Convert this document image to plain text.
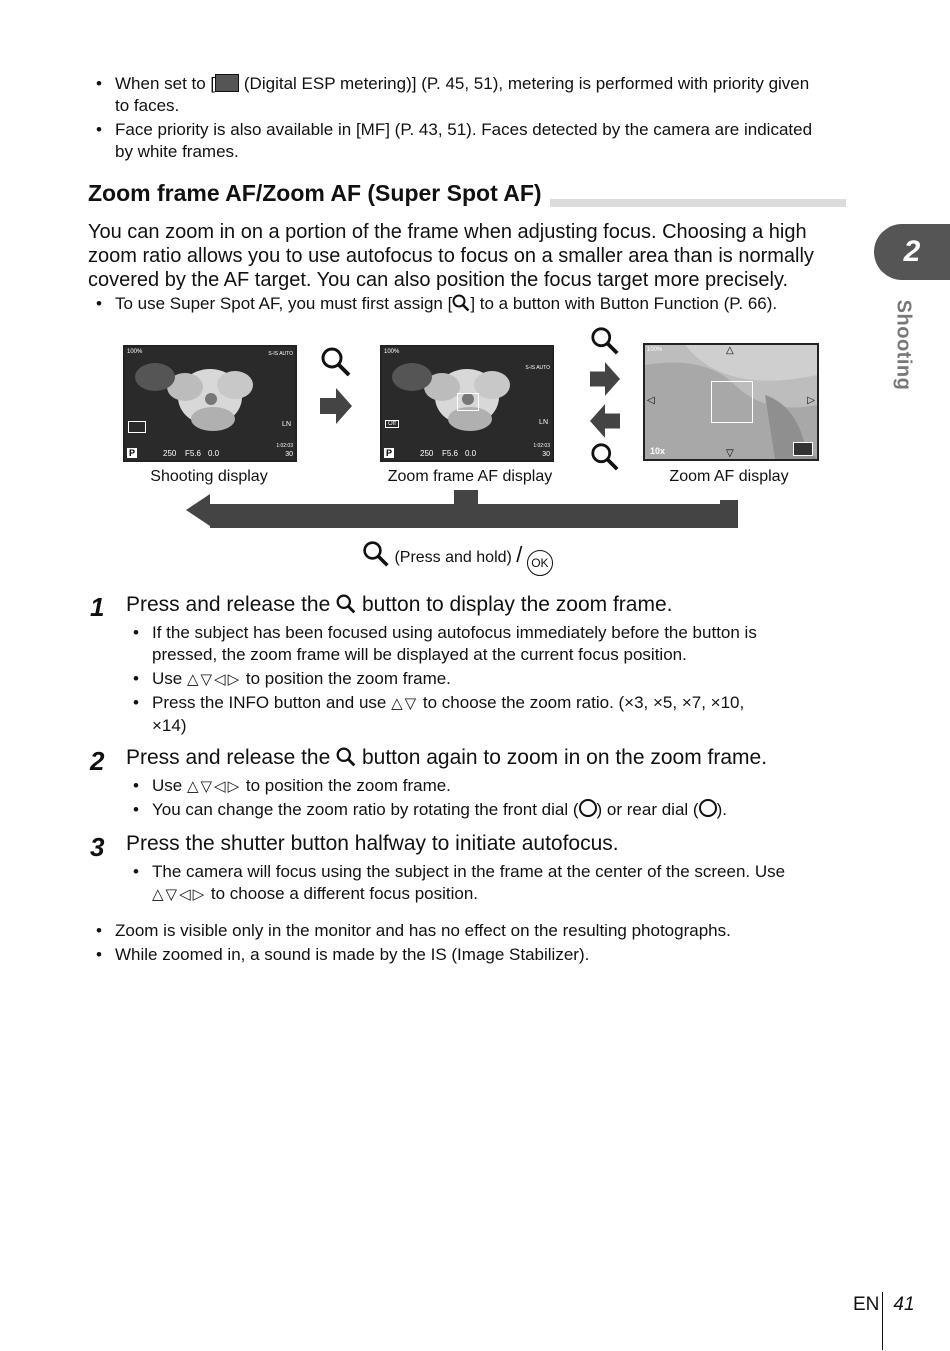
• When set to [ (Digital ESP metering)] (P. 45, 51), metering is performed with priority given
to faces.
• Face priority is also available in [MF] (P. 43, 51). Faces detected by the camera are indicated
by white frames.
Zoom frame AF/Zoom AF (Super Spot AF)
You can zoom in on a portion of the frame when adjusting focus. Choosing a high
zoom ratio allows you to use autofocus to focus on a smaller area than is normally
covered by the AF target. You can also position the focus target more precisely.
• To use Super Spot AF, you must first assign [ ] to a button with Button Function (P. 66).
100%	S-IS AUTO
LN
P	250 F5.6 0.0
1:02:03
30
100%
S-IS AUTO
LN
Off
P	250 F5.6 0.0
1:02:03
30
100%	△
▽
◁	▷
10x
Shooting display	Zoom frame AF display	Zoom AF display
(Press and hold) / OK
1 Press and release the button to display the zoom frame.
• If the subject has been focused using autofocus immediately before the button is
pressed, the zoom frame will be displayed at the current focus position.
• Use △▽◁▷ to position the zoom frame.
• Press the INFO button and use △▽ to choose the zoom ratio. (×3, ×5, ×7, ×10,
×14)
2 Press and release the button again to zoom in on the zoom frame.
• Use △▽◁▷ to position the zoom frame.
• You can change the zoom ratio by rotating the front dial ( ) or rear dial ( ).
3 Press the shutter button halfway to initiate autofocus.
• The camera will focus using the subject in the frame at the center of the screen. Use
△▽◁▷ to choose a different focus position.
• Zoom is visible only in the monitor and has no effect on the resulting photographs.
• While zoomed in, a sound is made by the IS (Image Stabilizer).
2
Shooting
EN 41
